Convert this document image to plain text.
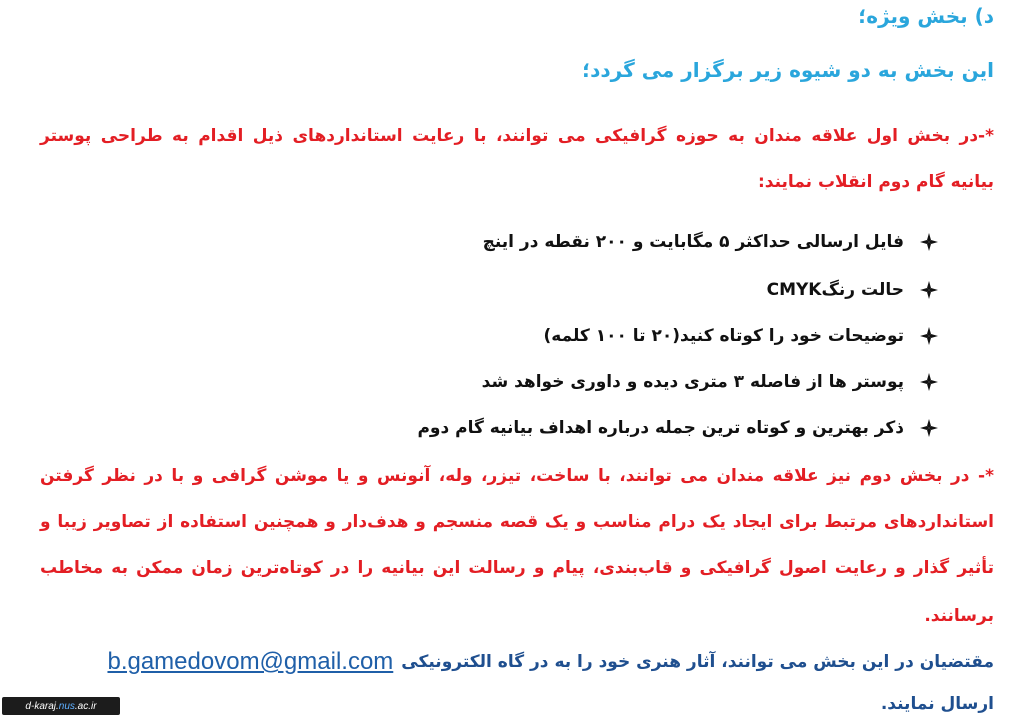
د) بخش ویژه؛
این بخش به دو شیوه زیر برگزار می گردد؛
*-در بخش اول علاقه مندان به حوزه گرافیکی می توانند، با رعایت استانداردهای ذیل اقدام به طراحی پوستر
بیانیه گام دوم انقلاب نمایند:
فایل ارسالی حداکثر ۵ مگابایت و ۲۰۰ نقطه در اینچ
حالت رنگCMYK
توضیحات خود را کوتاه کنید(۲۰ تا ۱۰۰ کلمه)
پوستر ها از فاصله ۳ متری دیده و داوری خواهد شد
ذکر بهترین و کوتاه ترین جمله درباره اهداف بیانیه گام دوم
*- در بخش دوم نیز علاقه مندان می توانند، با ساخت، تیزر، وله، آنونس و یا موشن گرافی و با در نظر گرفتن
استانداردهای مرتبط برای ایجاد یک درام مناسب و یک قصه منسجم و هدف‌دار و همچنین استفاده از تصاویر زیبا و
تأثیر گذار و رعایت اصول گرافیکی و قاب‌بندی، پیام و رسالت این بیانیه را در کوتاه‌ترین زمان ممکن به مخاطب
برسانند.
مقتضیان در این بخش می توانند، آثار هنری خود را به در گاه الکترونیکی
b.gamedovom@gmail.com
ارسال نمایند.
d-karaj. nus .ac.ir
